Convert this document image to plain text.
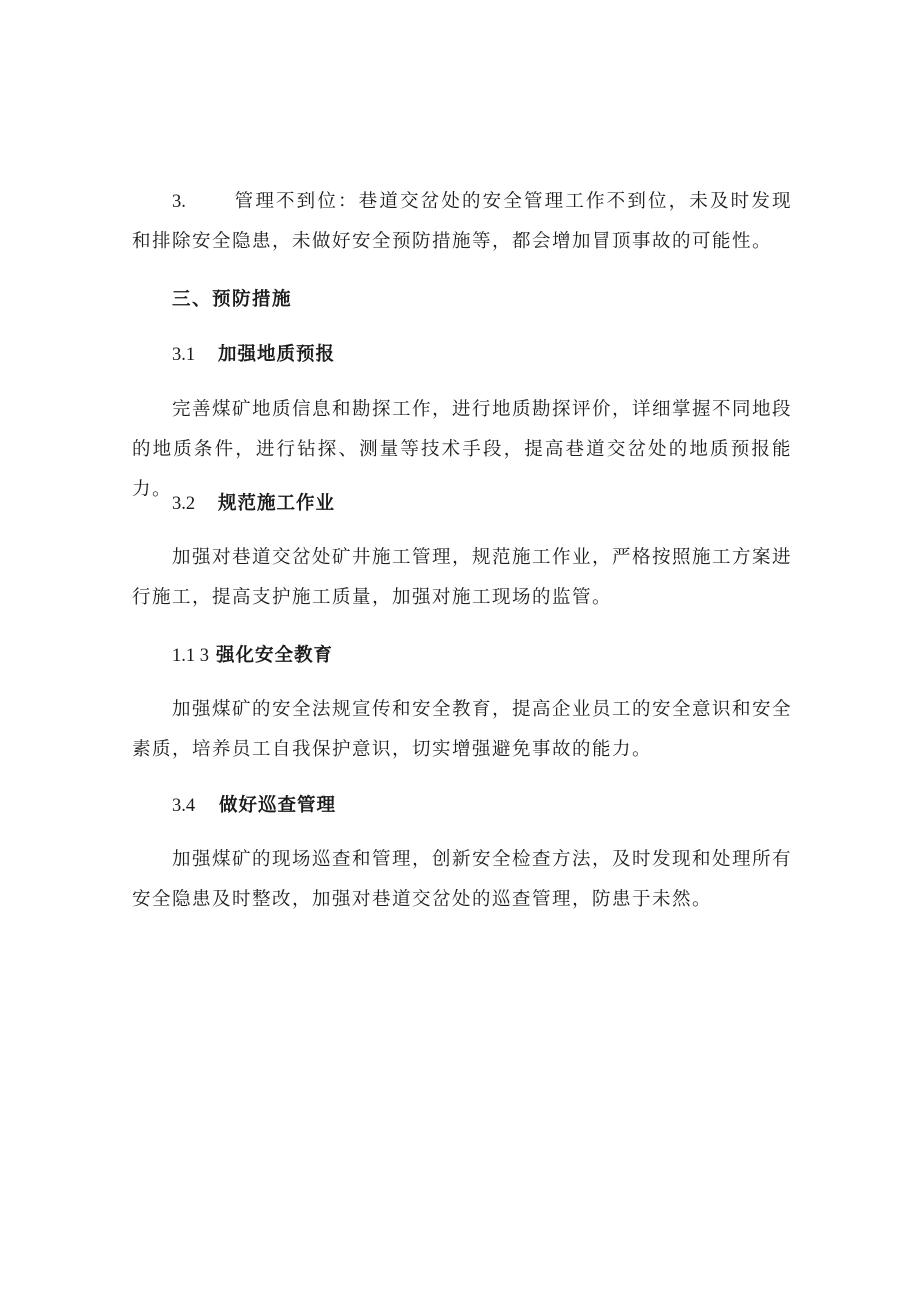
3.	管理不到位：巷道交岔处的安全管理工作不到位，未及时发现和排除安全隐患，未做好安全预防措施等，都会增加冒顶事故的可能性。

三、预防措施

3.1 加强地质预报

完善煤矿地质信息和勘探工作，进行地质勘探评价，详细掌握不同地段的地质条件，进行钻探、测量等技术手段，提高巷道交岔处的地质预报能力。

3.2 规范施工作业

加强对巷道交岔处矿井施工管理，规范施工作业，严格按照施工方案进行施工，提高支护施工质量，加强对施工现场的监管。

1.1 3 强化安全教育

加强煤矿的安全法规宣传和安全教育，提高企业员工的安全意识和安全素质，培养员工自我保护意识，切实增强避免事故的能力。

3.4 做好巡查管理

加强煤矿的现场巡查和管理，创新安全检查方法，及时发现和处理所有安全隐患及时整改，加强对巷道交岔处的巡查管理，防患于未然。
